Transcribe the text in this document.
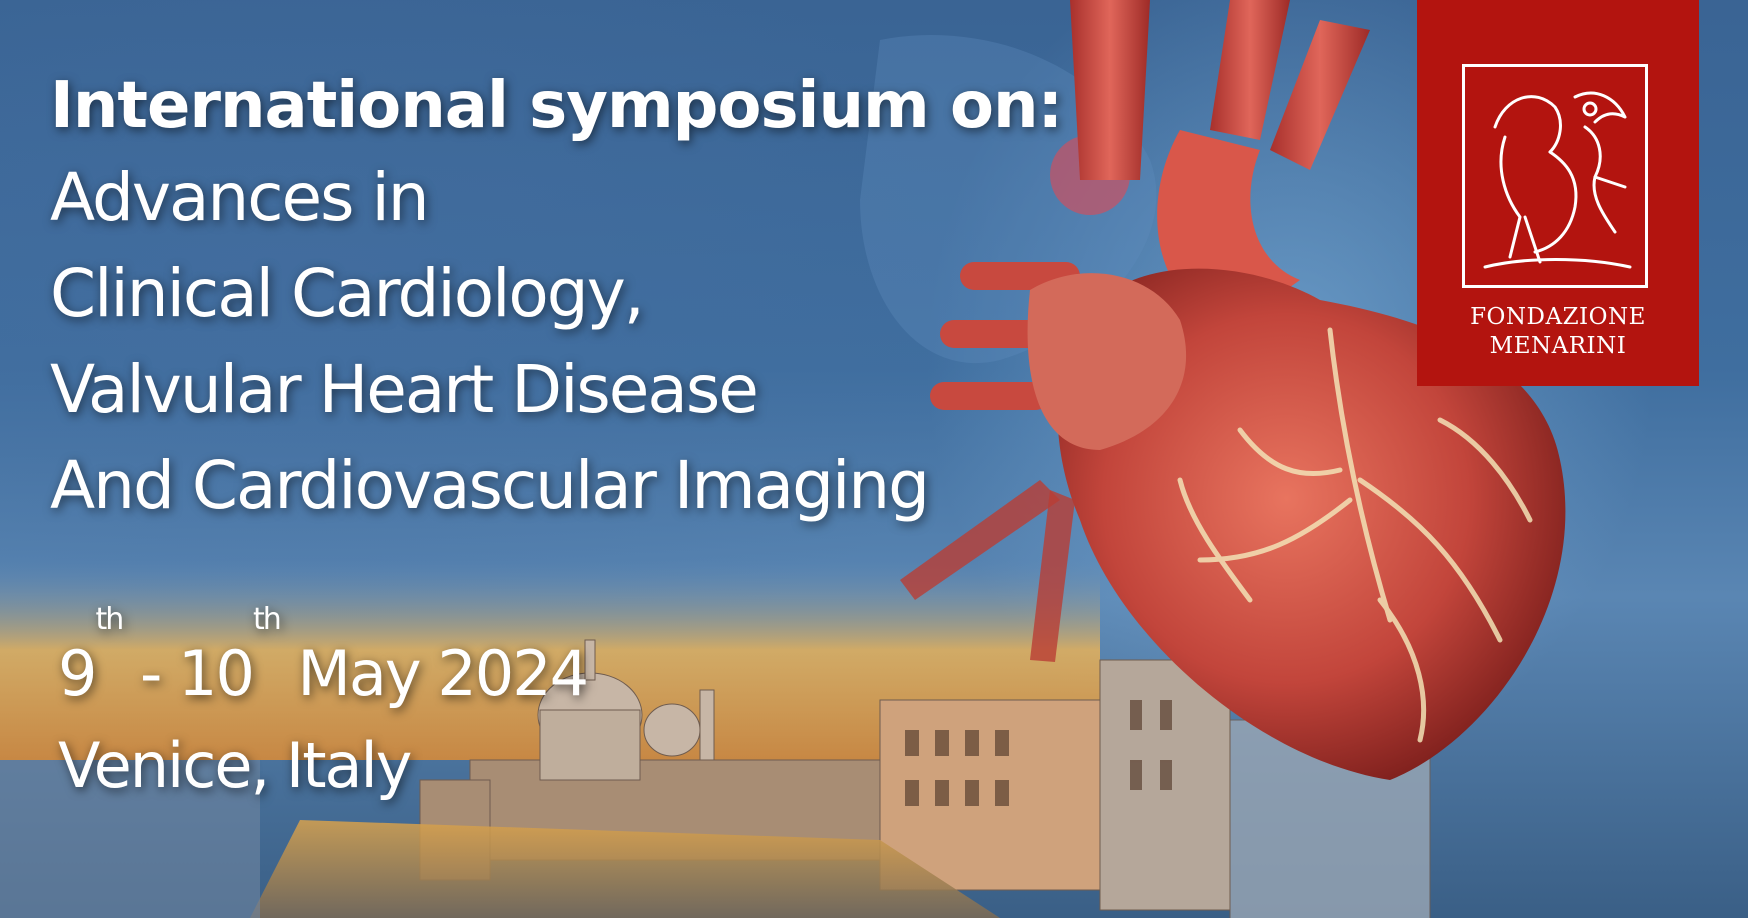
International symposium on:

Advances in

Clinical Cardiology,

Valvular Heart Disease

And Cardiovascular Imaging

9th - 10th May 2024
Venice, Italy
FONDAZIONE
MENARINI
